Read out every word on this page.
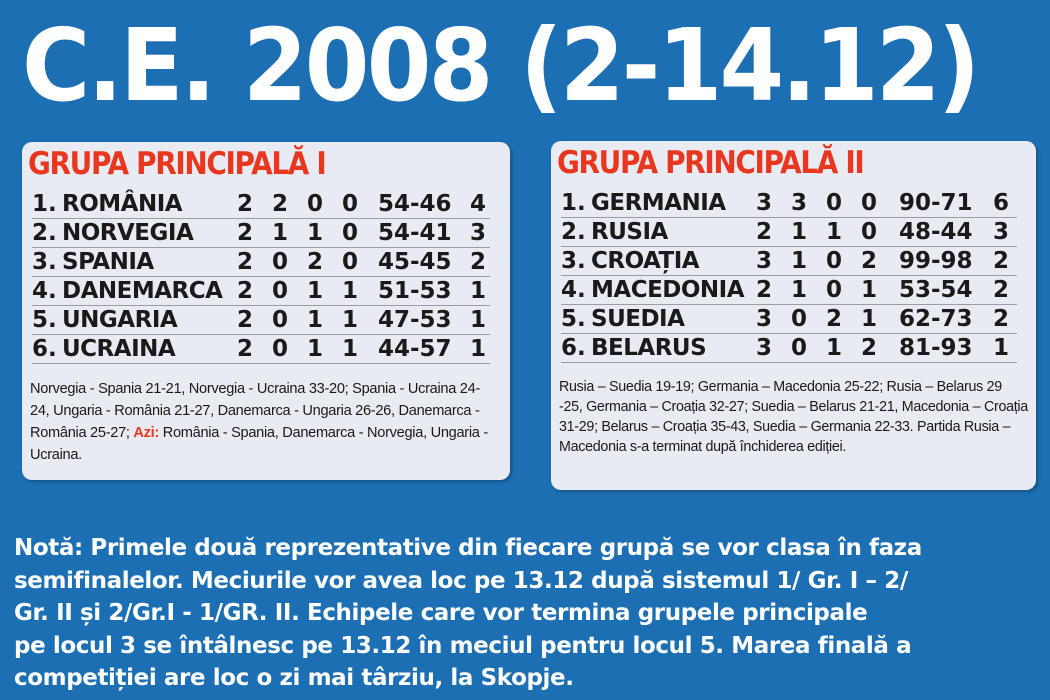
C.E. 2008 (2-14.12)
GRUPA PRINCIPALĂ I
1. ROMÂNIA 2 2 0 0 54-46 4
2. NORVEGIA 2 1 1 0 54-41 3
3. SPANIA	2 0 2 0 45-45 2
4. DANEMARCA 2 0 1 1 51-53 1
5. UNGARIA	2 0 1 1 47-53 1
6. UCRAINA	2 0 1 1 44-57 1
Norvegia - Spania 21-21, Norvegia - Ucraina 33-20; Spania - Ucraina 24-24, Ungaria - România 21-27, Danemarca - Ungaria 26-26, Danemarca - România 25-27; Azi: România - Spania, Danemarca - Norvegia, Ungaria - Ucraina.
GRUPA PRINCIPALĂ II
1. GERMANIA 3 3 0 0 90-71 6
2. RUSIA	2 1 1 0 48-44 3
3. CROAȚIA 3 1 0 2 99-98 2
4. MACEDONIA 2 1 0 1 53-54 2
5. SUEDIA	3 0 2 1 62-73 2
6. BELARUS 3 0 1 2 81-93 1
Rusia – Suedia 19-19; Germania – Macedonia 25-22; Rusia – Belarus 29 -25, Germania – Croația 32-27; Suedia – Belarus 21-21, Macedonia – Croația 31-29; Belarus – Croația 35-43, Suedia – Germania 22-33. Partida Rusia – Macedonia s-a terminat după închiderea ediției.
Notă: Primele două reprezentative din fiecare grupă se vor clasa în faza
semifinalelor. Meciurile vor avea loc pe 13.12 după sistemul 1/ Gr. I – 2/
Gr. II și 2/Gr.I - 1/GR. II. Echipele care vor termina grupele principale
pe locul 3 se întâlnesc pe 13.12 în meciul pentru locul 5. Marea finală a
competiției are loc o zi mai târziu, la Skopje.
